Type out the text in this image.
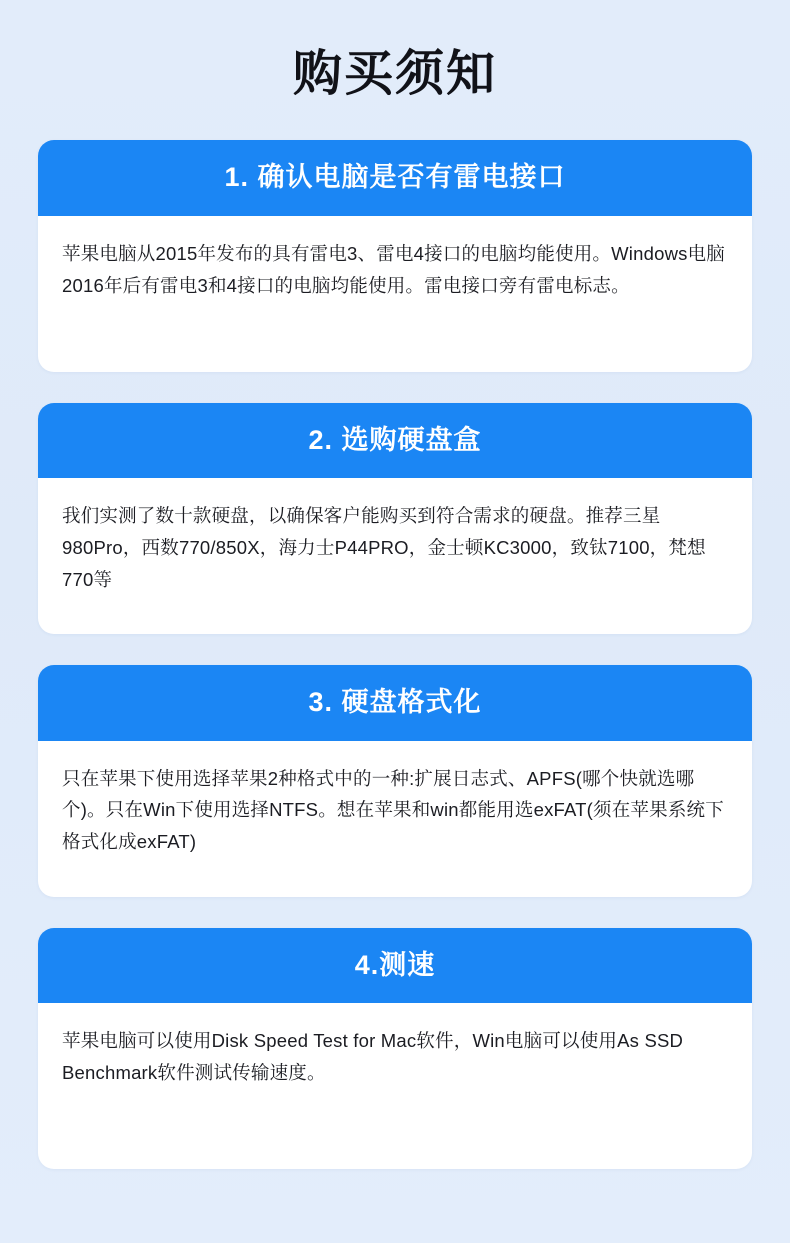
购买须知
1. 确认电脑是否有雷电接口
苹果电脑从2015年发布的具有雷电3、雷电4接口的电脑均能使用。Windows电脑2016年后有雷电3和4接口的电脑均能使用。雷电接口旁有雷电标志。
2. 选购硬盘盒
我们实测了数十款硬盘，以确保客户能购买到符合需求的硬盘。推荐三星980Pro，西数770/850X，海力士P44PRO，金士顿KC3000，致钛7100，梵想770等
3. 硬盘格式化
只在苹果下使用选择苹果2种格式中的一种:扩展日志式、APFS(哪个快就选哪个)。只在Win下使用选择NTFS。想在苹果和win都能用选exFAT(须在苹果系统下格式化成exFAT)
4.测速
苹果电脑可以使用Disk Speed Test for Mac软件，Win电脑可以使用As SSD Benchmark软件测试传输速度。
